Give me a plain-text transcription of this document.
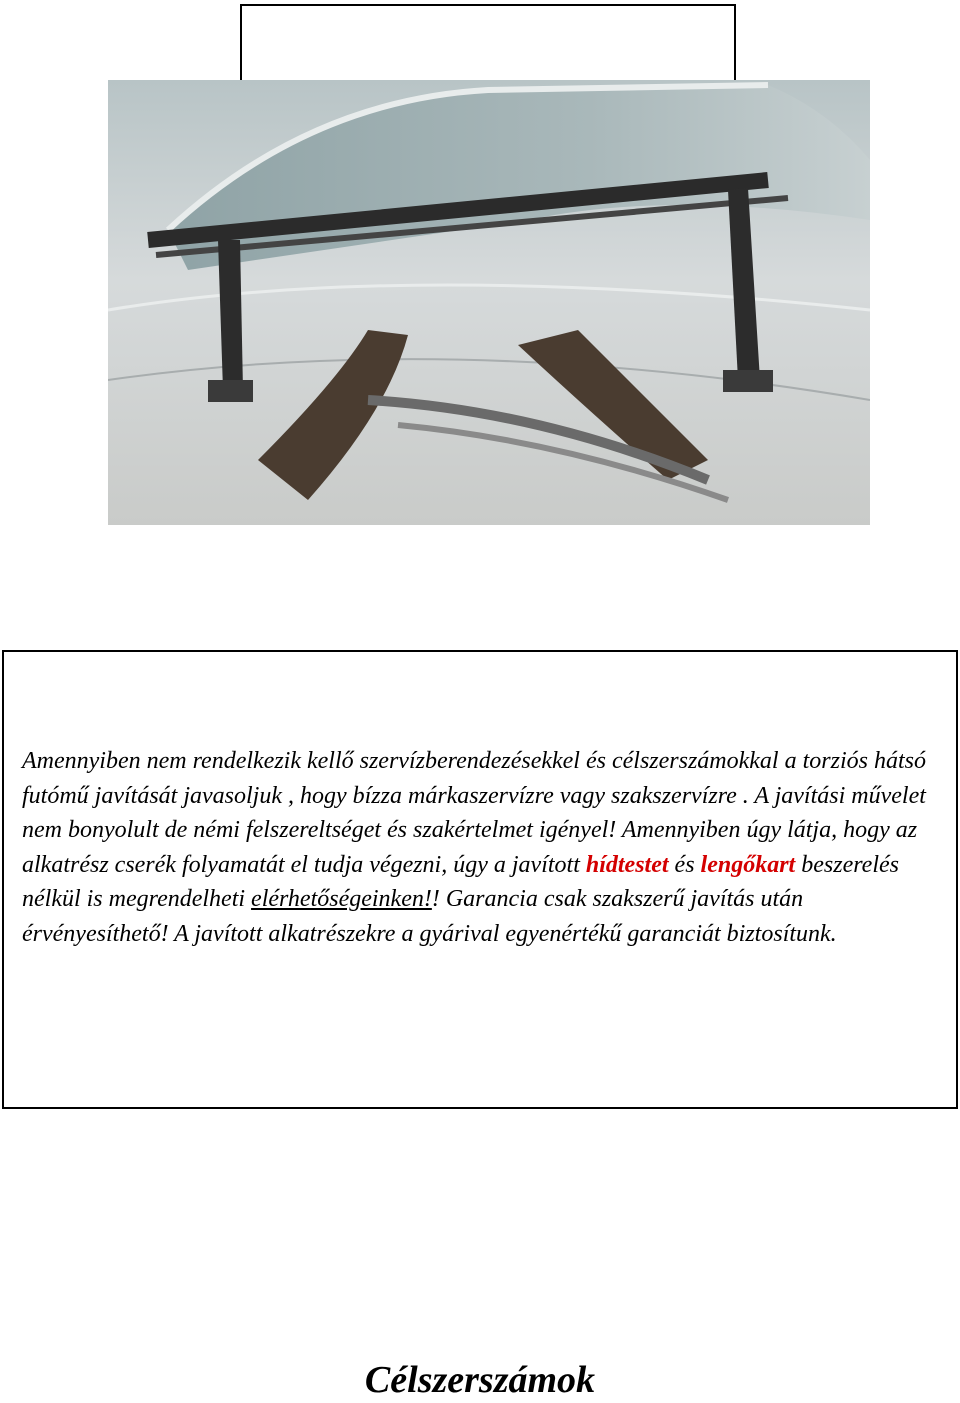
Amennyiben nem rendelkezik kellő szervízberendezésekkel és célszerszámokkal a torziós hátsó futómű javítását javasoljuk , hogy bízza márkaszervízre vagy szakszervízre . A javítási művelet nem bonyolult de némi felszereltséget és szakértelmet igényel! Amennyiben úgy látja, hogy az alkatrész cserék folyamatát el tudja végezni, úgy a javított hídtestet és lengőkart beszerelés nélkül is megrendelheti elérhetőségeinken!! Garancia csak szakszerű javítás után érvényesíthető! A javított alkatrészekre a gyárival egyenértékű garanciát biztosítunk.

Célszerszámok
